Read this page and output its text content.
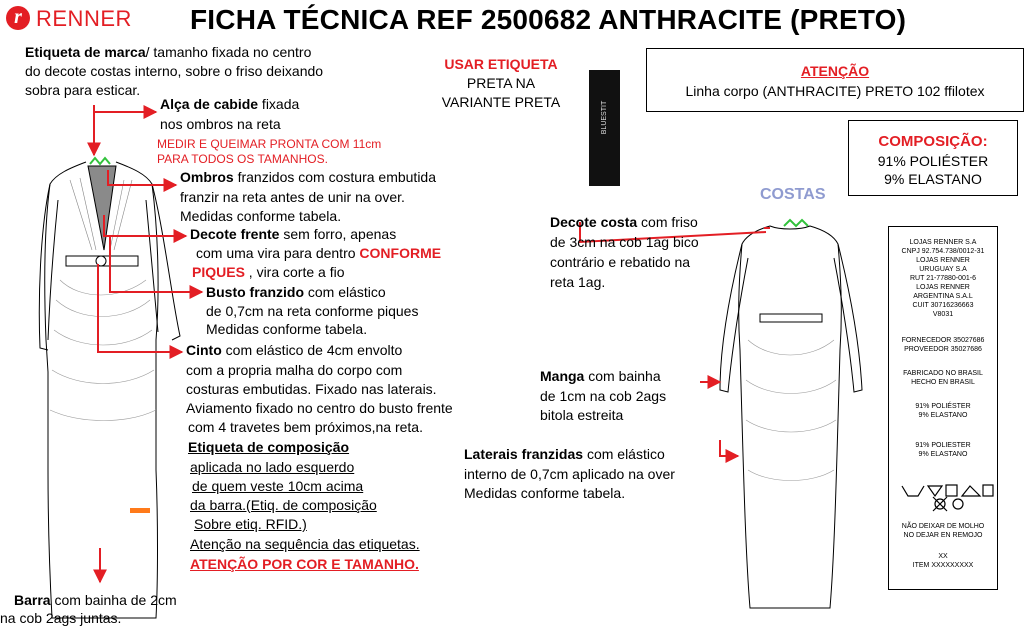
r RENNER FICHA TÉCNICA REF 2500682 ANTHRACITE (PRETO)
Etiqueta de marca/ tamanho fixada no centro
do decote costas interno, sobre o friso deixando
sobra para esticar.
Alça de cabide fixada
nos ombros na reta
MEDIR E QUEIMAR PRONTA COM 11cm
PARA TODOS OS TAMANHOS.
Ombros franzidos com costura embutida
franzir na reta antes de unir na over.
Medidas conforme tabela.
Decote frente sem forro, apenas
com uma vira para dentro CONFORME
PIQUES , vira corte a fio
Busto franzido com elástico
de 0,7cm na reta conforme piques
Medidas conforme tabela.
Cinto com elástico de 4cm envolto
com a propria malha do corpo com
costuras embutidas. Fixado nas laterais.
Aviamento fixado no centro do busto frente
com 4 travetes bem próximos,na reta.
Etiqueta de composição
aplicada no lado esquerdo
de quem veste 10cm acima
da barra.(Etiq. de composição
Sobre etiq. RFID.)
Atenção na sequência das etiquetas.
ATENÇÃO POR COR E TAMANHO.
Barra com bainha de 2cm
na cob 2ags juntas.
USAR ETIQUETA
PRETA NA
VARIANTE PRETA	BLUESTIT
ATENÇÃO
Linha corpo (ANTHRACITE) PRETO 102 ffilotex
COMPOSIÇÃO:
91% POLIÉSTER
9% ELASTANO
COSTAS
Decote costa com friso
de 3cm na cob 1ag bico
contrário e rebatido na
reta 1ag.
Manga com bainha
de 1cm na cob 2ags
bitola estreita
Laterais franzidas com elástico
interno de 0,7cm aplicado na over
Medidas conforme tabela.
LOJAS RENNER S.A
CNPJ 92.754.738/0012-31
LOJAS RENNER
URUGUAY S.A
RUT 21-77880-001-6
LOJAS RENNER
ARGENTINA S.A.L
CUIT 30716236663
V8031
FORNECEDOR 35027686
PROVEEDOR 35027686
FABRICADO NO BRASIL
HECHO EN BRASIL
91% POLIÉSTER
9% ELASTANO
91% POLIESTER
9% ELASTANO
NÃO DEIXAR DE MOLHO
NO DEJAR EN REMOJO
XX
ITEM XXXXXXXXX
